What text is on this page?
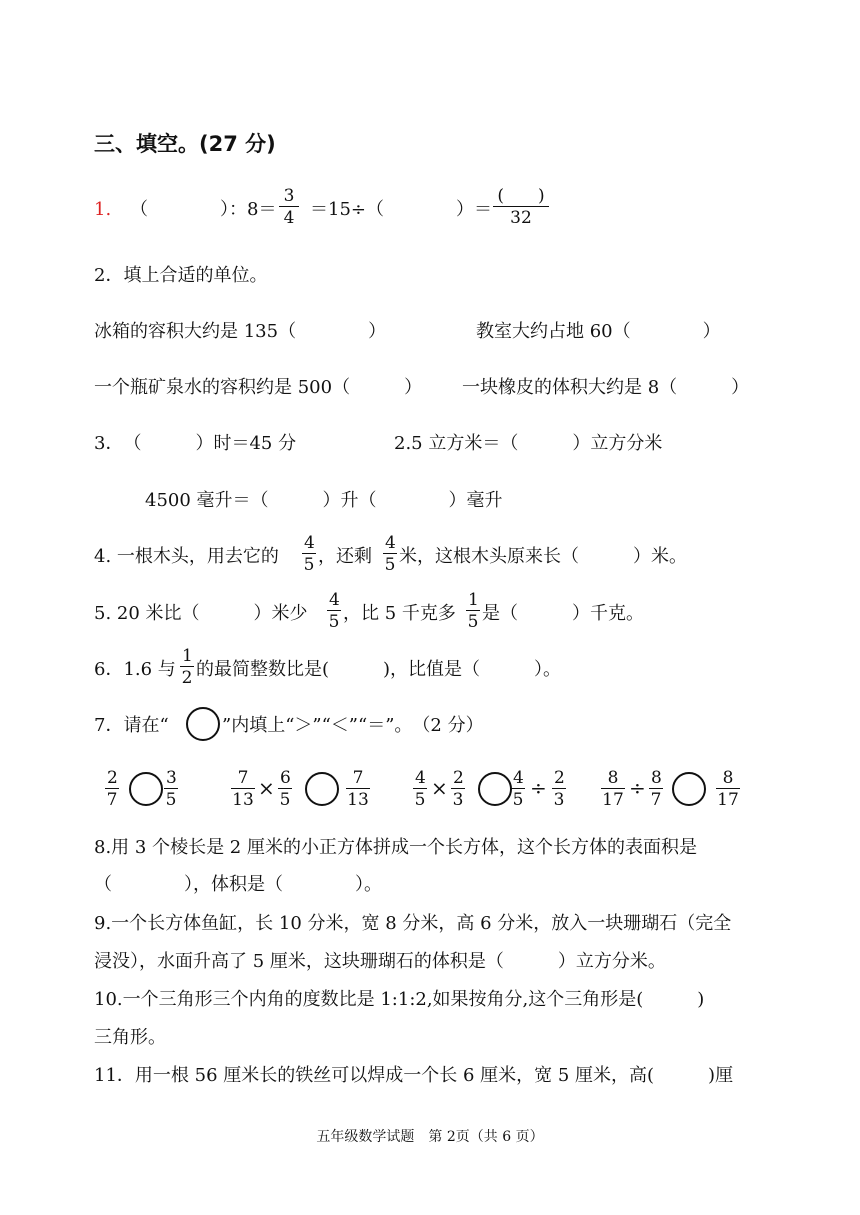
三、填空。(27 分)
1. （　　　　）：$8= \frac{3}{4} =15\div$（　　　　）＝
(　　)
32
2．填上合适的单位。
冰箱的容积大约是 135（　　　　）	教室大约占地 60（　　　　）
一个瓶矿泉水的容积约是 500（　　　） 一块橡皮的体积大约是 8（　　　）
3．　（　　　）时＝45 分	2.5 立方米＝（　　　）立方分米
4500 毫升＝（　　　）升（　　　　）毫升
4. 一根木头，用去它的 $\frac{4}{5}$ ，还剩 $\frac{4}{5}$ 米，这根木头原来长（　　　）米。
5. 20 米比（　　　）米少 $\frac{4}{5}$ ，比 5 千克多 $\frac{1}{5}$ 是（　　　）千克。
6．1.6 与 $\frac{1}{2}$ 的最简整数比是(　　　)，比值是（　　　）。
7．请在“	”内填上“＞”“＜”“＝”。　（2 分）
$\frac{2}{7}$	$\frac{3}{5}$	$\frac{7}{13} \times \frac{6}{5}$	$\frac{7}{13}$	$\frac{4}{5} \times \frac{2}{3}$	$\frac{4}{5} \div \frac{2}{3} \frac{8}{17} \div \frac{8}{7}$	$\frac{8}{17}$
8.用 3 个棱长是 2 厘米的小正方体拼成一个长方体，这个长方体的表面积是
（　　　　），体积是（　　　　）。
9.一个长方体鱼缸，长 10 分米，宽 8 分米，高 6 分米，放入一块珊瑚石（完全
浸没），水面升高了 5 厘米，这块珊瑚石的体积是（　　　）立方分米。
10.一个三角形三个内角的度数比是 1:1:2,如果按角分,这个三角形是(　　　)
三角形。
11．用一根 56 厘米长的铁丝可以焊成一个长 6 厘米，宽 5 厘米，高(　　　)厘
五年级数学试题　第 2页（共 6 页）
